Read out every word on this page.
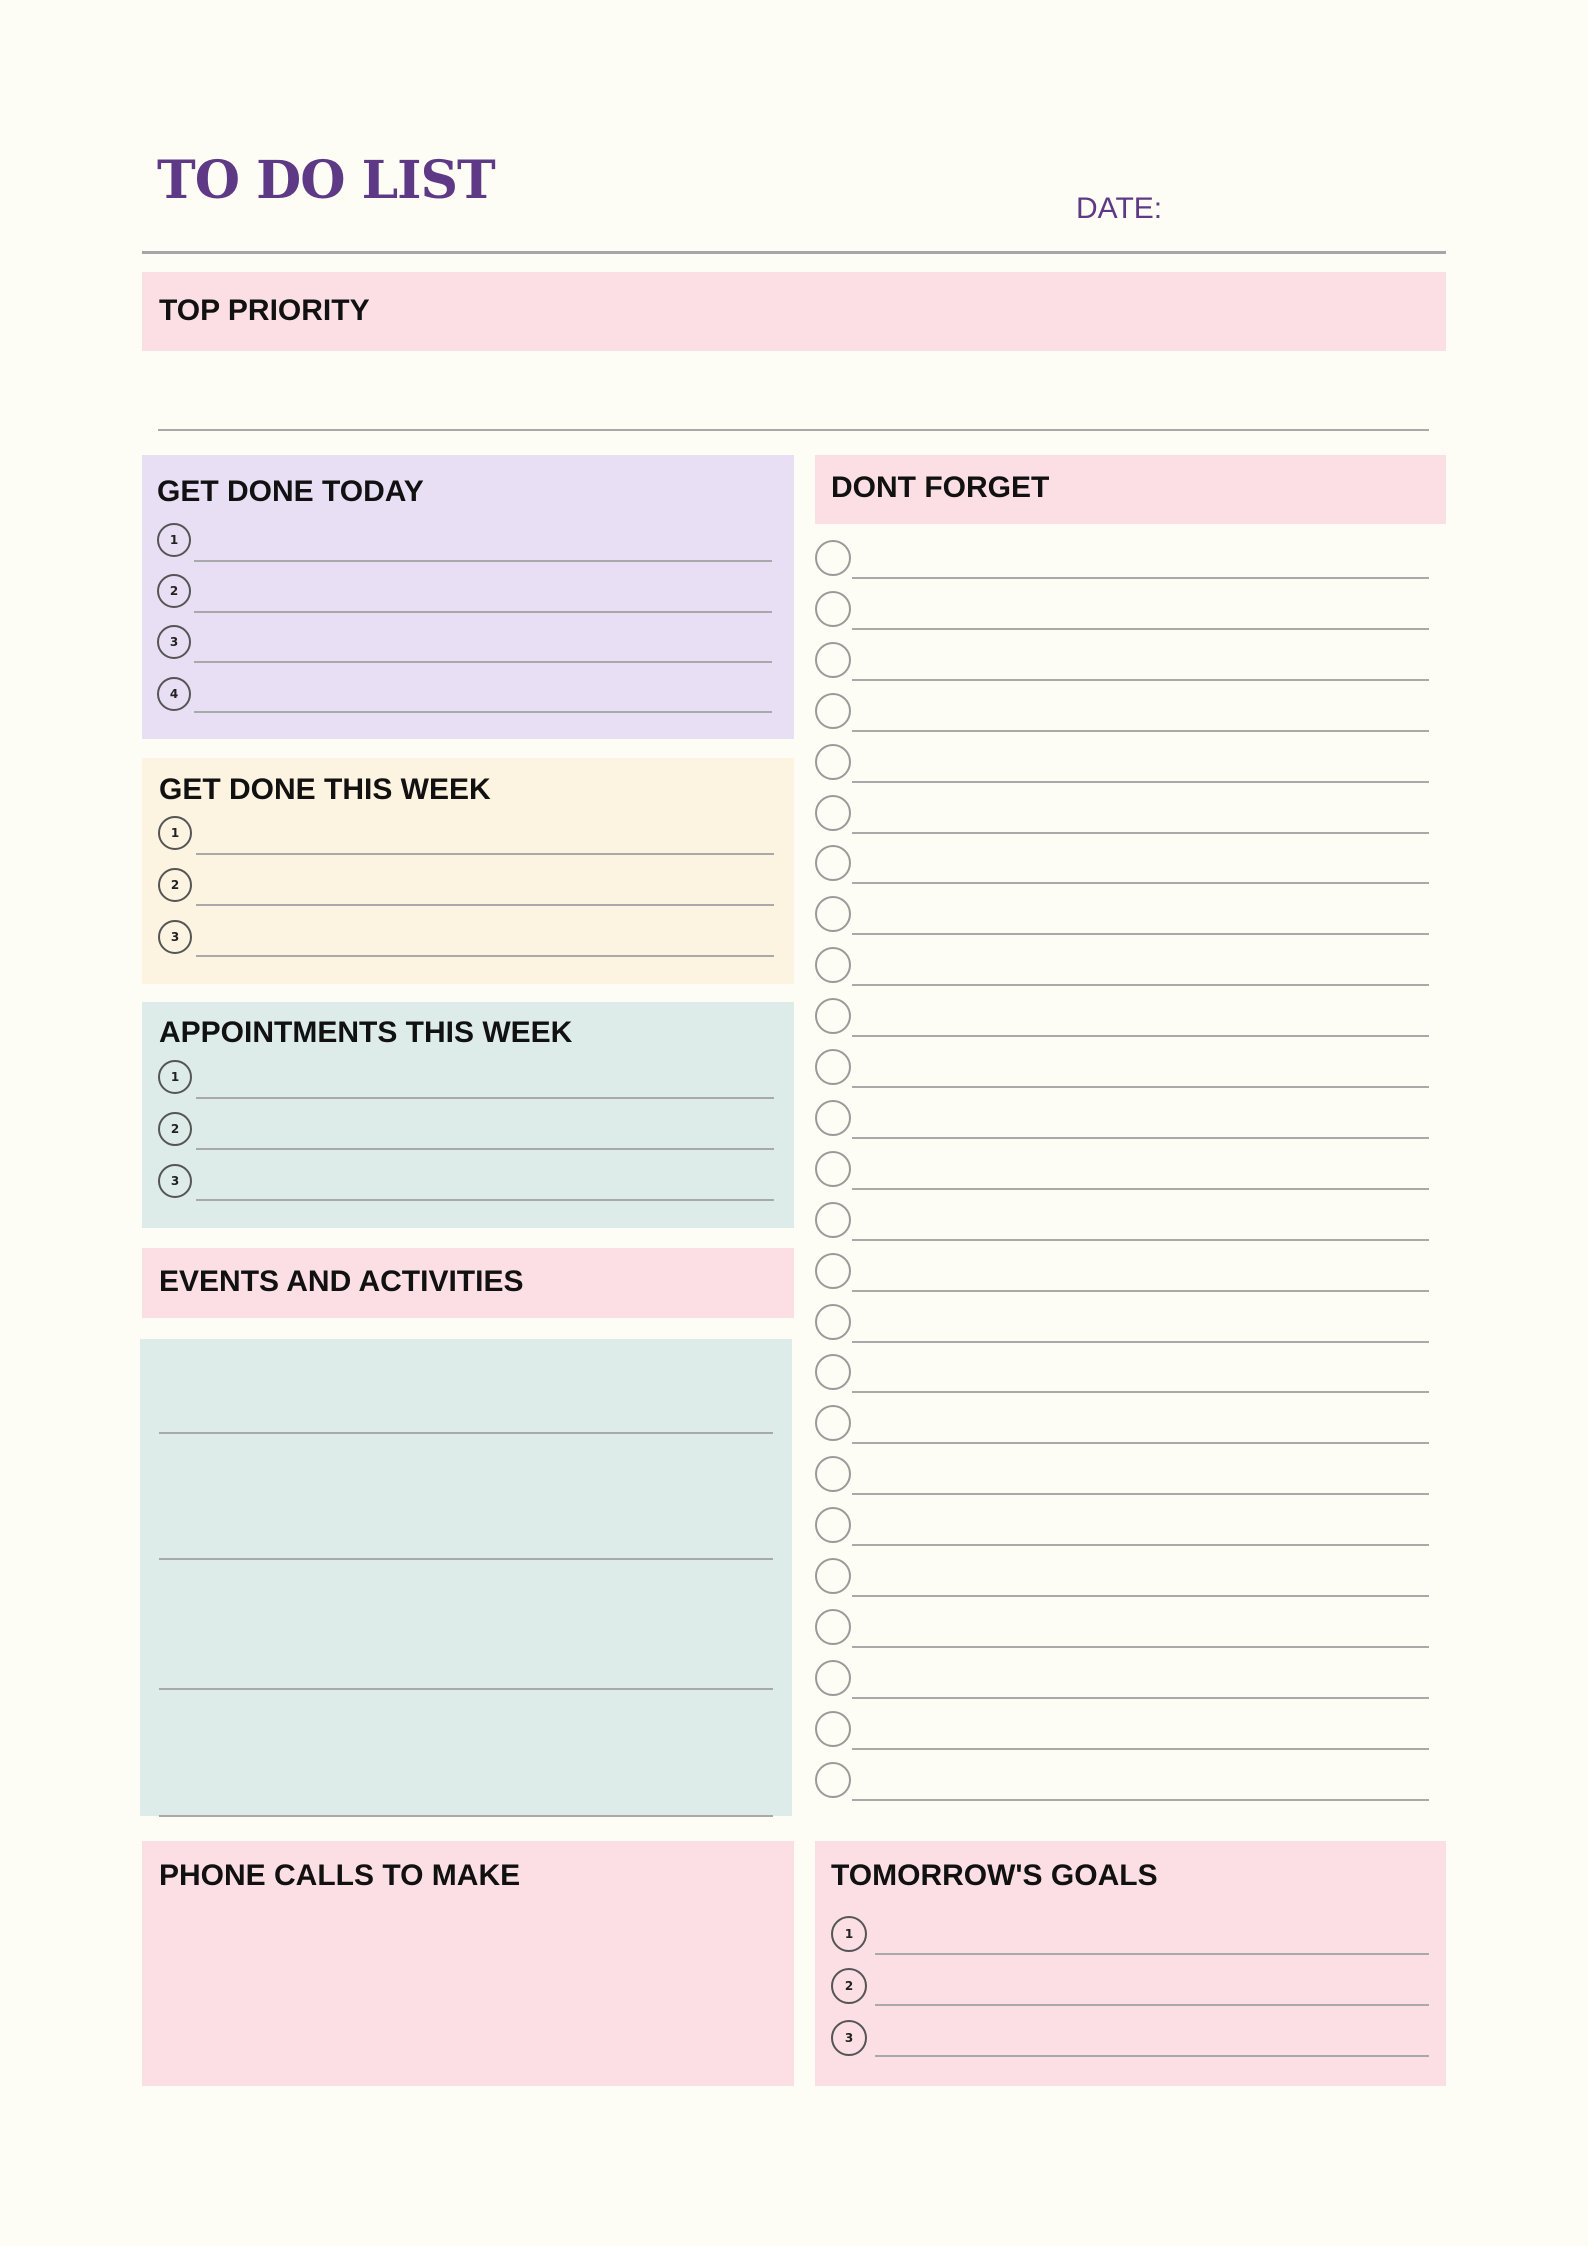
TO DO LIST	DATE:
TOP PRIORITY
GET DONE TODAY
1
2
3
4
GET DONE THIS WEEK
1
2
3
APPOINTMENTS THIS WEEK
1
2
3
EVENTS AND ACTIVITIES
DONT FORGET
PHONE CALLS TO MAKE	TOMORROW'S GOALS
1
2
3
